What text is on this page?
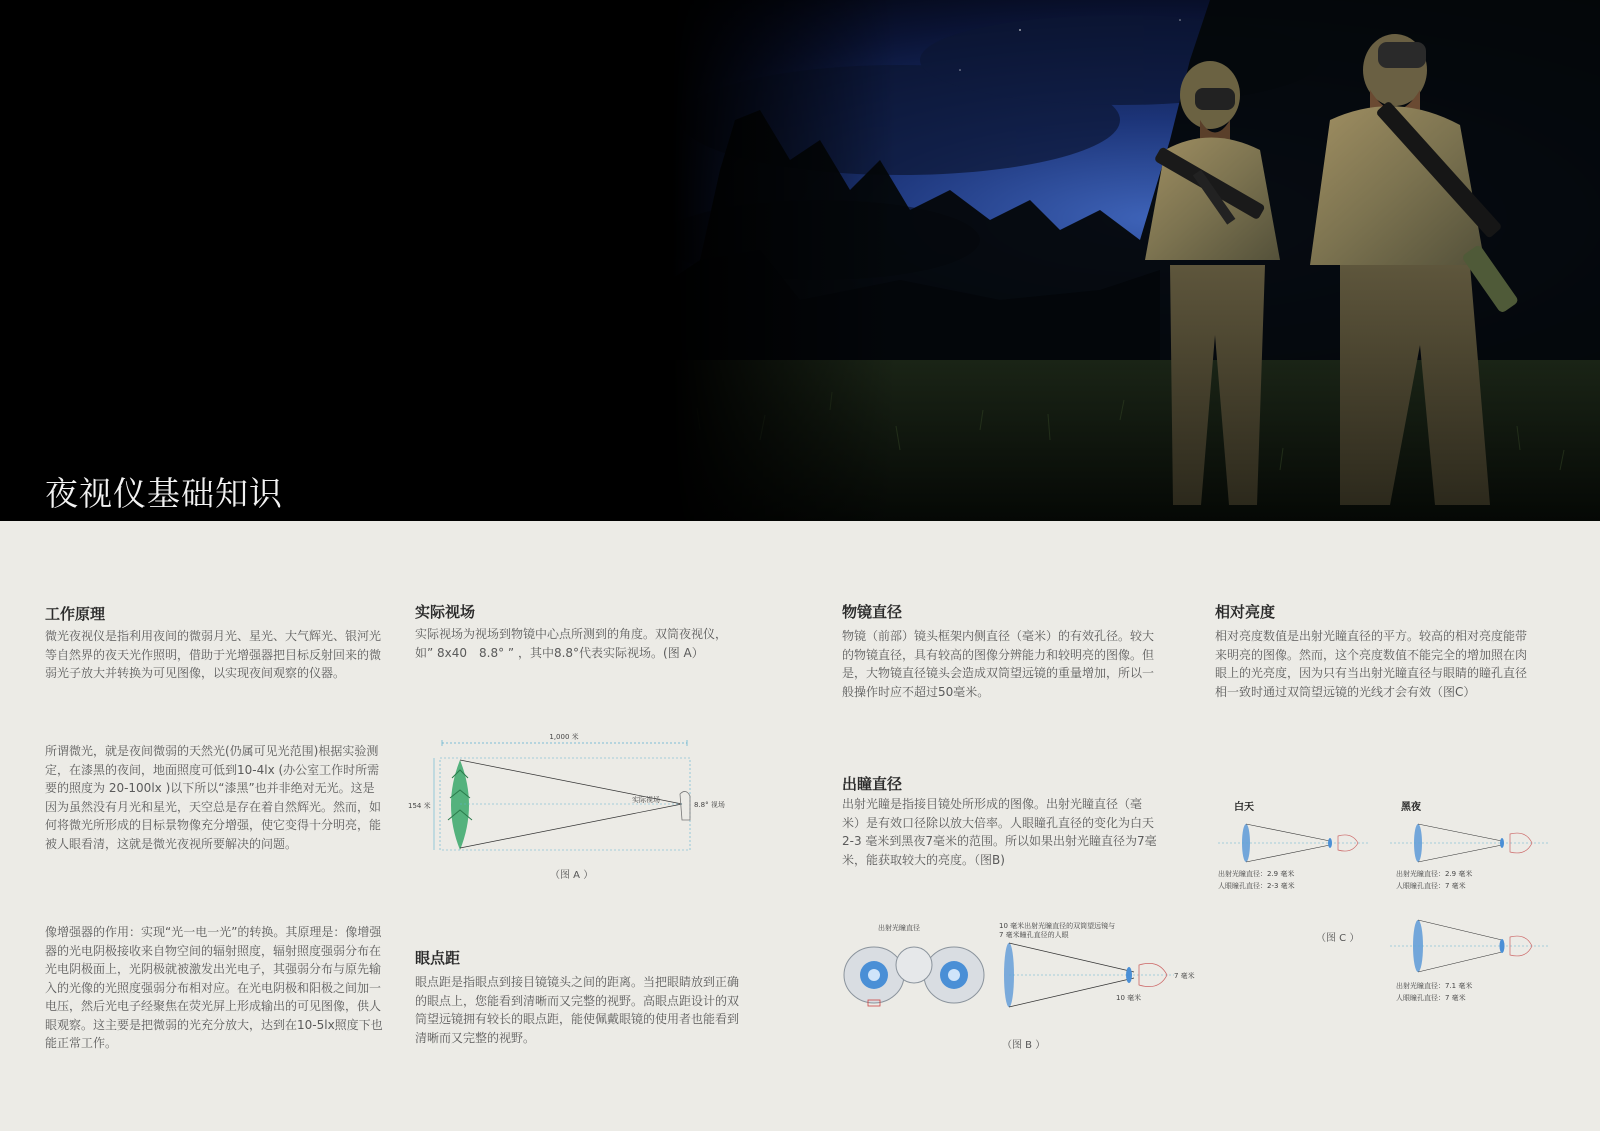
夜视仪基础知识
工作原理

微光夜视仪是指利用夜间的微弱月光、星光、大气辉光、银河光等自然界的夜天光作照明，借助于光增强器把目标反射回来的微弱光子放大并转换为可见图像，以实现夜间观察的仪器。

所谓微光，就是夜间微弱的天然光(仍属可见光范围)根据实验测定，在漆黑的夜间，地面照度可低到10-4lx (办公室工作时所需要的照度为 20-100lx )以下所以“漆黑”也并非绝对无光。这是因为虽然没有月光和星光，天空总是存在着自然辉光。然而，如何将微光所形成的目标景物像充分增强，使它变得十分明亮，能被人眼看清，这就是微光夜视所要解决的问题。

像增强器的作用：实现“光一电一光”的转换。其原理是：像增强器的光电阴极接收来自物空间的辐射照度，辐射照度强弱分布在光电阴极面上，光阴极就被激发出光电子，其强弱分布与原先输入的光像的光照度强弱分布相对应。在光电阴极和阳极之间加一电压，然后光电子经聚焦在荧光屏上形成输出的可见图像，供人眼观察。这主要是把微弱的光充分放大，达到在10-5lx照度下也能正常工作。

实际视场

实际视场为视场到物镜中心点所测到的角度。双筒夜视仪，如” 8x40　8.8° ” ，其中8.8°代表实际视场。(图 A）

1,000 米
154 米
实际视场
8.8° 视场
（图 A ）
眼点距

眼点距是指眼点到接目镜镜头之间的距离。当把眼睛放到正确的眼点上，您能看到清晰而又完整的视野。高眼点距设计的双筒望远镜拥有较长的眼点距，能使佩戴眼镜的使用者也能看到清晰而又完整的视野。

物镜直径

物镜（前部）镜头框架内侧直径（毫米）的有效孔径。较大的物镜直径，具有较高的图像分辨能力和较明亮的图像。但是，大物镜直径镜头会造成双筒望远镜的重量增加，所以一般操作时应不超过50毫米。

出瞳直径

出射光瞳是指接目镜处所形成的图像。出射光瞳直径（毫米）是有效口径除以放大倍率。人眼瞳孔直径的变化为白天2-3 毫米到黑夜7毫米的范围。所以如果出射光瞳直径为7毫米，能获取较大的亮度。（图B)

出射光瞳直径	10 毫米出射光瞳直径的双筒望远镜与
7 毫米瞳孔直径的人眼
7 毫米
10 毫米
（图 B ）
相对亮度

相对亮度数值是出射光瞳直径的平方。较高的相对亮度能带来明亮的图像。然而，这个亮度数值不能完全的增加照在肉眼上的光亮度，因为只有当出射光瞳直径与眼睛的瞳孔直径相一致时通过双筒望远镜的光线才会有效（图C）

白天	黑夜
出射光瞳直径：2.9 毫米
人眼瞳孔直径：2-3 毫米
出射光瞳直径：2.9 毫米
人眼瞳孔直径：7 毫米
出射光瞳直径：7.1 毫米
人眼瞳孔直径：7 毫米
（图 C ）
